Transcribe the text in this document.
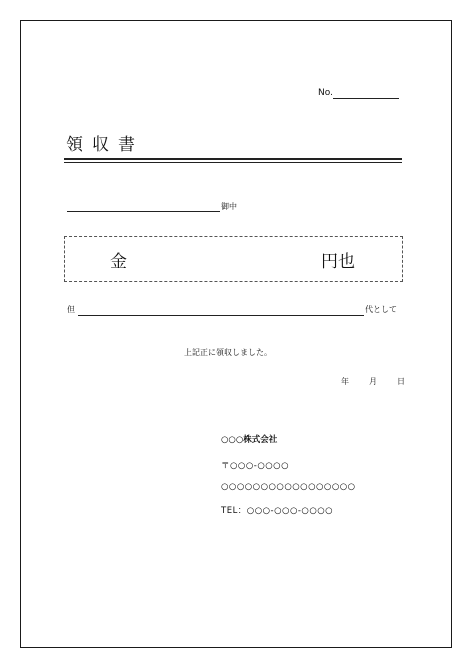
No.
領収書
御中
金	円也
但	代として
上記正に領収しました。
年	月	日
○○○株式会社
〒○○○-○○○○
○○○○○○○○○○○○○○○○○
TEL：○○○-○○○-○○○○
